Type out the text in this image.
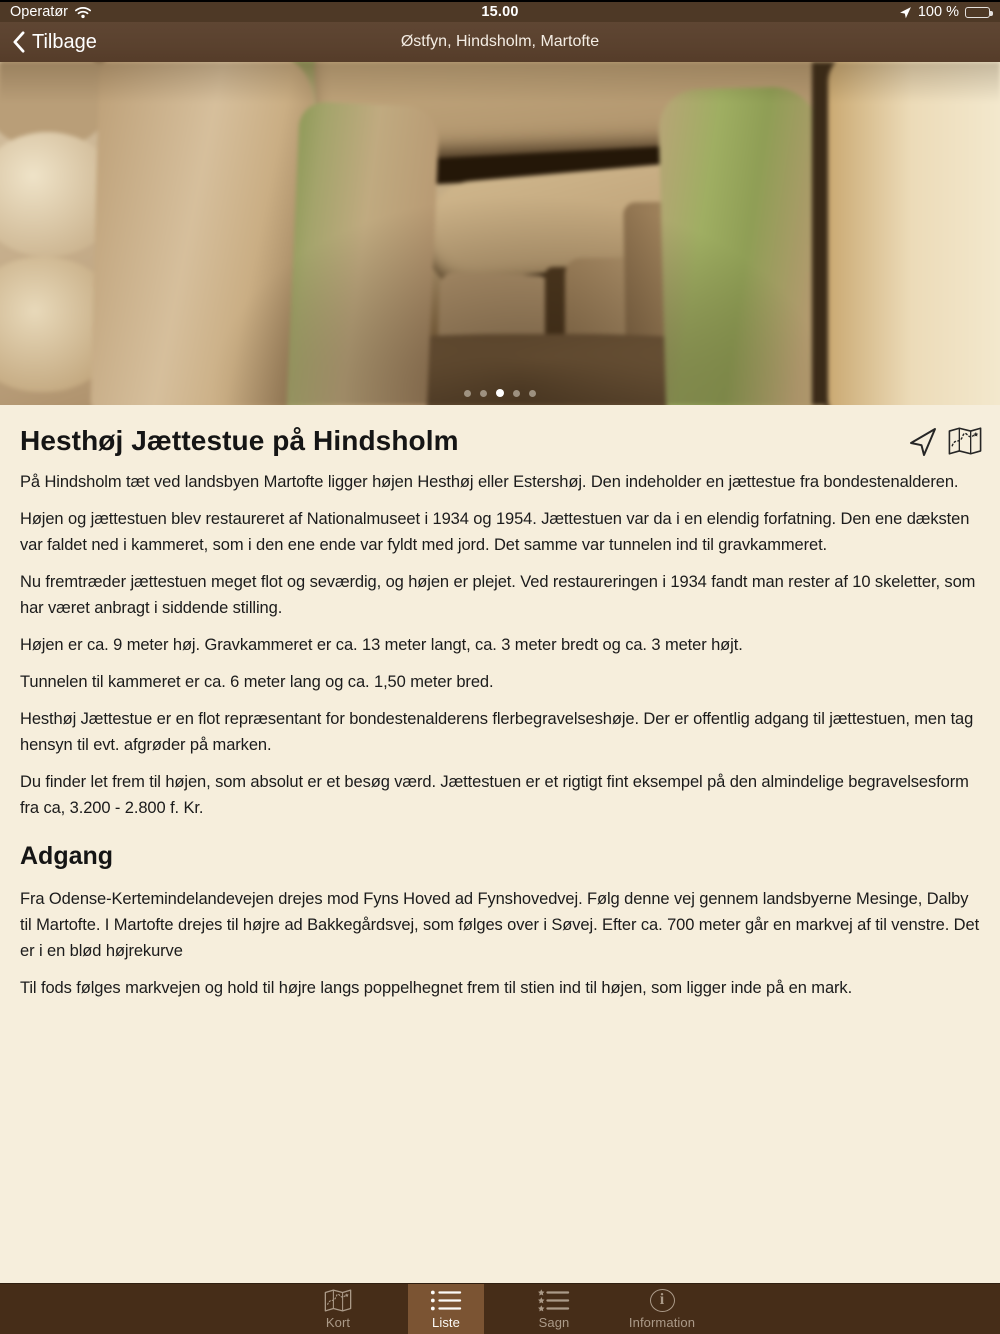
Operatør	15.00	100 %
Tilbage	Østfyn, Hindsholm, Martofte
Hesthøj Jættestue på Hindsholm

På Hindsholm tæt ved landsbyen Martofte ligger højen Hesthøj eller Estershøj. Den indeholder en jættestue fra bondestenalderen.

Højen og jættestuen blev restaureret af Nationalmuseet i 1934 og 1954. Jættestuen var da i en elendig forfatning. Den ene dæksten var faldet ned i kammeret, som i den ene ende var fyldt med jord. Det samme var tunnelen ind til gravkammeret.

Nu fremtræder jættestuen meget flot og seværdig, og højen er plejet. Ved restaureringen i 1934 fandt man rester af 10 skeletter, som har været anbragt i siddende stilling.

Højen er ca. 9 meter høj. Gravkammeret er ca. 13 meter langt, ca. 3 meter bredt og ca. 3 meter højt.

Tunnelen til kammeret er ca. 6 meter lang og ca. 1,50 meter bred.

Hesthøj Jættestue er en flot repræsentant for bondestenalderens flerbegravelseshøje. Der er offentlig adgang til jættestuen, men tag hensyn til evt. afgrøder på marken.

Du finder let frem til højen, som absolut er et besøg værd. Jættestuen er et rigtigt fint eksempel på den almindelige begravelsesform fra ca, 3.200 - 2.800 f. Kr.

Adgang

Fra Odense-Kertemindelandevejen drejes mod Fyns Hoved ad Fynshovedvej. Følg denne vej gennem landsbyerne Mesinge, Dalby til Martofte. I Martofte drejes til højre ad Bakkegårdsvej, som følges over i Søvej. Efter ca. 700 meter går en markvej af til venstre. Det er i en blød højrekurve

Til fods følges markvejen og hold til højre langs poppelhegnet frem til stien ind til højen, som ligger inde på en mark.

Kort	Liste	Sagn
i
Information
